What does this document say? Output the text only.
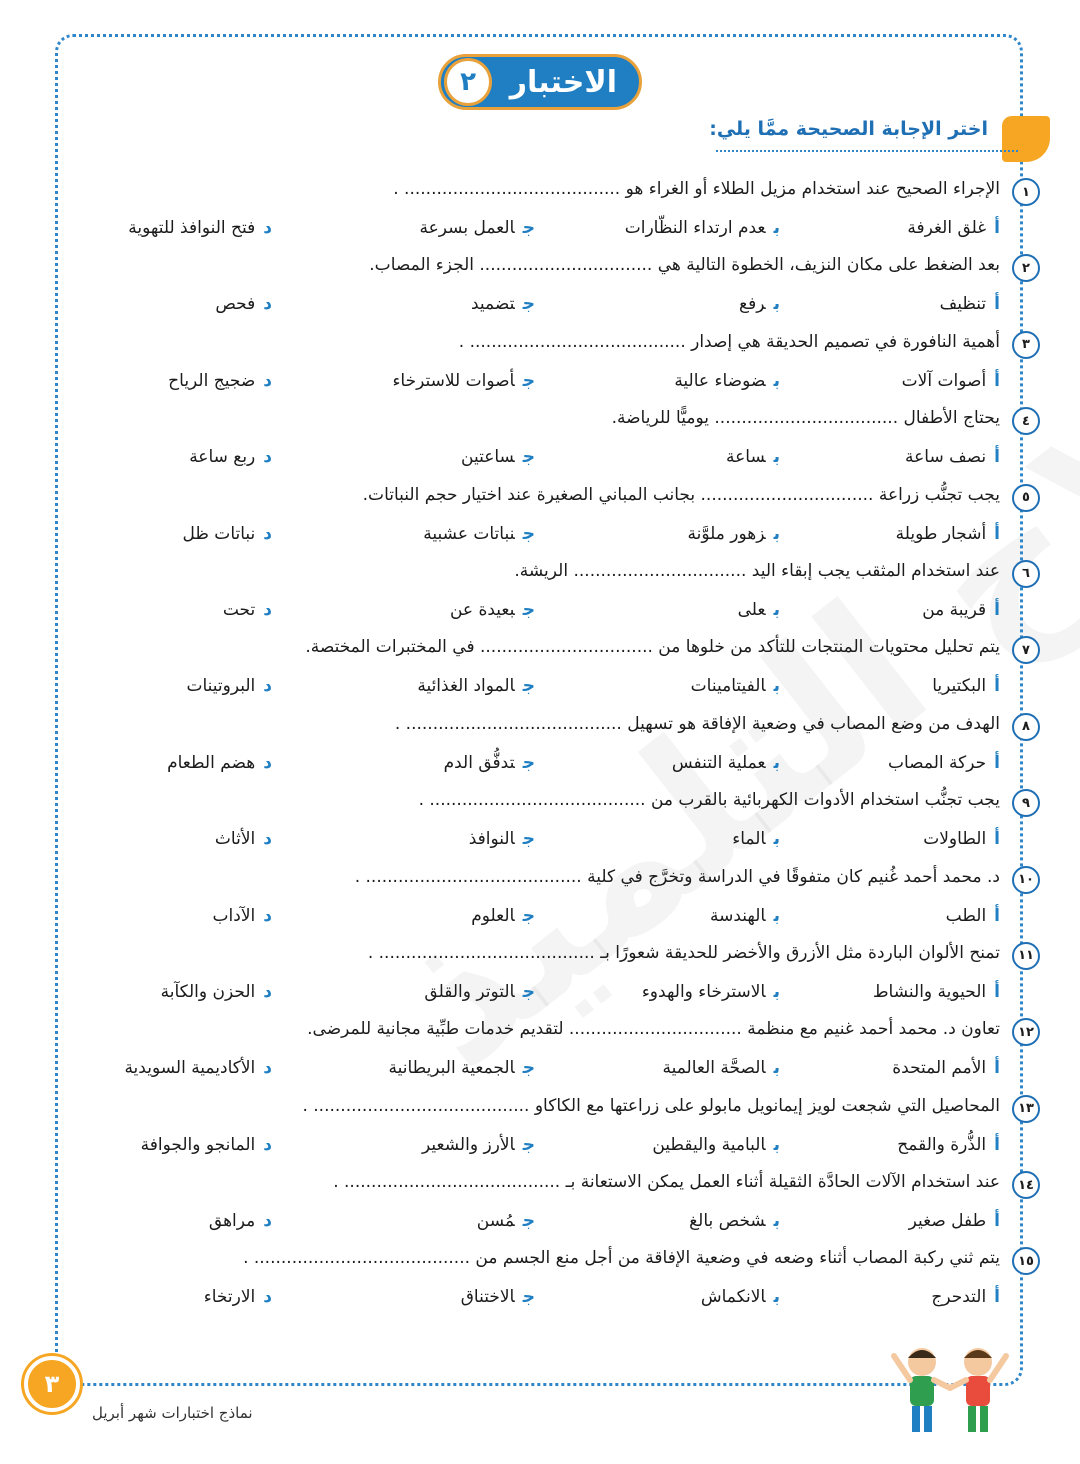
الاختبار
٢
اختر الإجابة الصحيحة ممَّا يلي:
١
الإجراء الصحيح عند استخدام مزيل الطلاء أو الغراء هو ........................................ .
أغلق الغرفة
بعدم ارتداء النظّارات
جالعمل بسرعة
دفتح النوافذ للتهوية
٢
بعد الضغط على مكان النزيف، الخطوة التالية هي ................................ الجزء المصاب.
أتنظيف
برفع
جتضميد
دفحص
٣
أهمية النافورة في تصميم الحديقة هي إصدار ........................................ .
أأصوات آلات
بضوضاء عالية
جأصوات للاسترخاء
دضجيج الرياح
٤
يحتاج الأطفال .................................. يوميًّا للرياضة.
أنصف ساعة
بساعة
جساعتين
دربع ساعة
٥
يجب تجنُّب زراعة ................................ بجانب المباني الصغيرة عند اختيار حجم النباتات.
أأشجار طويلة
بزهور ملوَّنة
جنباتات عشبية
دنباتات ظل
٦
عند استخدام المثقب يجب إبقاء اليد ................................ الريشة.
أقريبة من
بعلى
جبعيدة عن
دتحت
٧
يتم تحليل محتويات المنتجات للتأكد من خلوها من ................................ في المختبرات المختصة.
أالبكتيريا
بالفيتامينات
جالمواد الغذائية
دالبروتينات
٨
الهدف من وضع المصاب في وضعية الإفاقة هو تسهيل ........................................ .
أحركة المصاب
بعملية التنفس
جتدفُّق الدم
دهضم الطعام
٩
يجب تجنُّب استخدام الأدوات الكهربائية بالقرب من ........................................ .
أالطاولات
بالماء
جالنوافذ
دالأثاث
١٠
د. محمد أحمد غُنيم كان متفوقًا في الدراسة وتخرَّج في كلية ........................................ .
أالطب
بالهندسة
جالعلوم
دالآداب
١١
تمنح الألوان الباردة مثل الأزرق والأخضر للحديقة شعورًا بـ ........................................ .
أالحيوية والنشاط
بالاسترخاء والهدوء
جالتوتر والقلق
دالحزن والكآبة
١٢
تعاون د. محمد أحمد غنيم مع منظمة ................................ لتقديم خدمات طبِّية مجانية للمرضى.
أالأمم المتحدة
بالصحَّة العالمية
جالجمعية البريطانية
دالأكاديمية السويدية
١٣
المحاصيل التي شجعت لويز إيمانويل مابولو على زراعتها مع الكاكاو ........................................ .
أالذُّرة والقمح
بالبامية واليقطين
جالأرز والشعير
دالمانجو والجوافة
١٤
عند استخدام الآلات الحادَّة الثقيلة أثناء العمل يمكن الاستعانة بـ ........................................ .
أطفل صغير
بشخص بالغ
جمُسن
دمراهق
١٥
يتم ثني ركبة المصاب أثناء وضعه في وضعية الإفاقة من أجل منع الجسم من ........................................ .
أالتدحرج
بالانكماش
جالاختناق
دالارتخاء
٣
نماذج اختبارات شهر أبريل
